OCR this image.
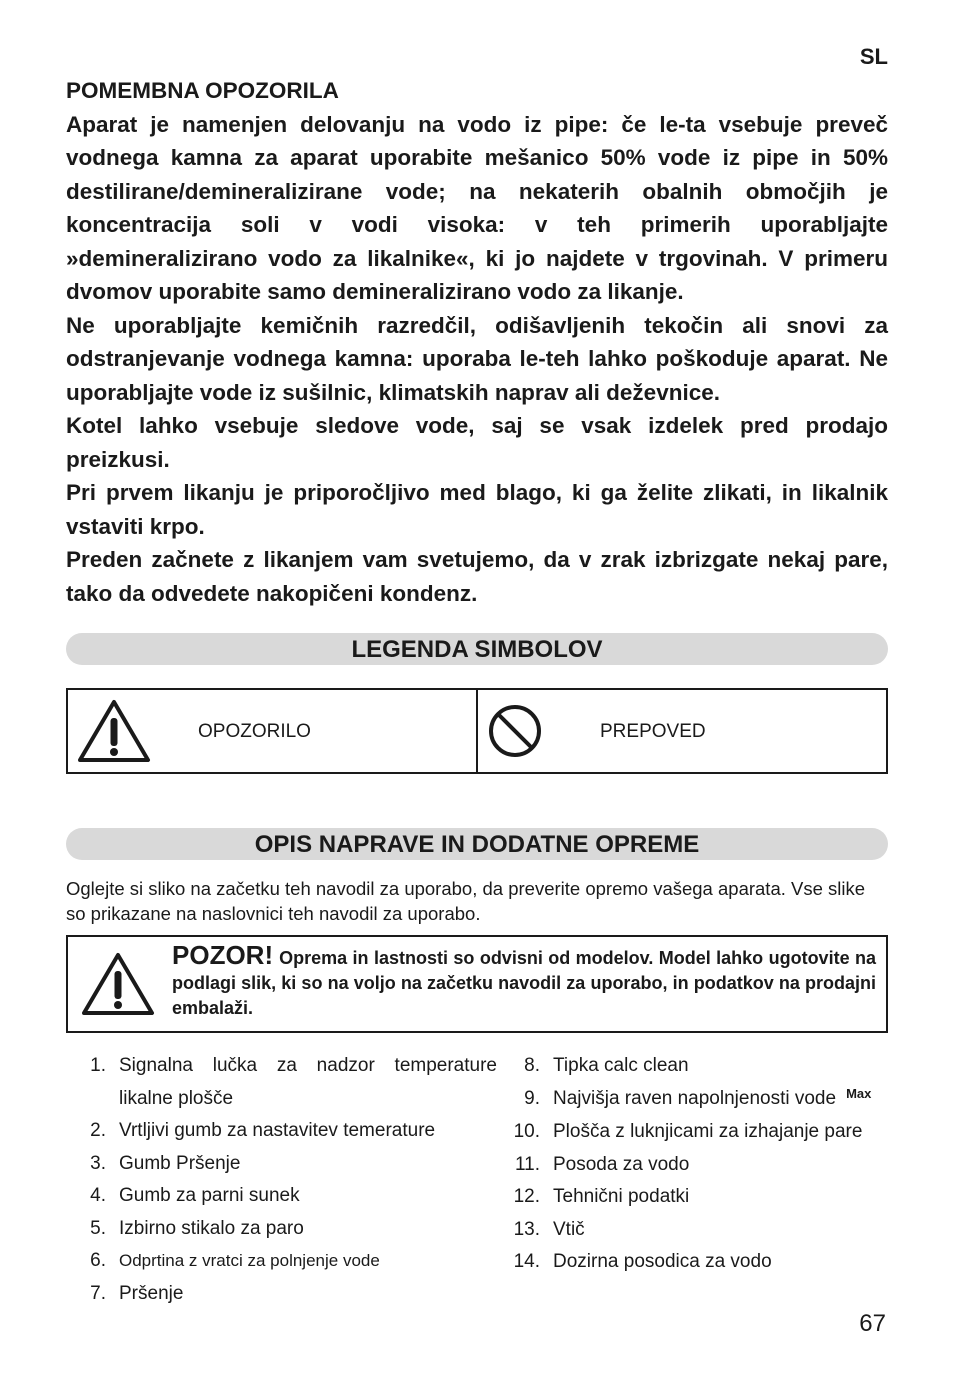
SL
POMEMBNA OPOZORILA

Aparat je namenjen delovanju na vodo iz pipe: če le-ta vsebuje preveč vodnega kamna za aparat uporabite mešanico 50% vode iz pipe in 50% destilirane/demineralizirane vode; na nekaterih obalnih območjih je koncentracija soli v vodi visoka: v teh primerih uporabljajte »demineralizirano vodo za likalnike«, ki jo najdete v trgovinah. V primeru dvomov uporabite samo demineralizirano vodo za likanje.

Ne uporabljajte kemičnih razredčil, odišavljenih tekočin ali snovi za odstranjevanje vodnega kamna: uporaba le-teh lahko poškoduje aparat. Ne uporabljajte vode iz sušilnic, klimatskih naprav ali deževnice.

Kotel lahko vsebuje sledove vode, saj se vsak izdelek pred prodajo preizkusi.

Pri prvem likanju je priporočljivo med blago, ki ga želite zlikati, in likalnik vstaviti krpo.

Preden začnete z likanjem vam svetujemo, da v zrak izbrizgate nekaj pare, tako da odvedete nakopičeni kondenz.

LEGENDA SIMBOLOV
OPOZORILO	PREPOVED
OPIS NAPRAVE IN DODATNE OPREME
Oglejte si sliko na začetku teh navodil za uporabo, da preverite opremo vašega aparata. Vse slike so prikazane na naslovnici teh navodil za uporabo.
POZOR! Oprema in lastnosti so odvisni od modelov. Model lahko ugotovite na podlagi slik, ki so na voljo na začetku navodil za uporabo, in podatkov na prodajni embalaži.
1. Signalna lučka za nadzor temperature
likalne plošče
2. Vrtljivi gumb za nastavitev temerature
3. Gumb Pršenje
4. Gumb za parni sunek
5. Izbirno stikalo za paro
6. Odprtina z vratci za polnjenje vode
7. Pršenje
8. Tipka calc clean
9. Najvišja raven napolnjenosti vode $^{Max}$
10. Plošča z luknjicami za izhajanje pare
11. Posoda za vodo
12. Tehnični podatki
13. Vtič
14. Dozirna posodica za vodo
67
